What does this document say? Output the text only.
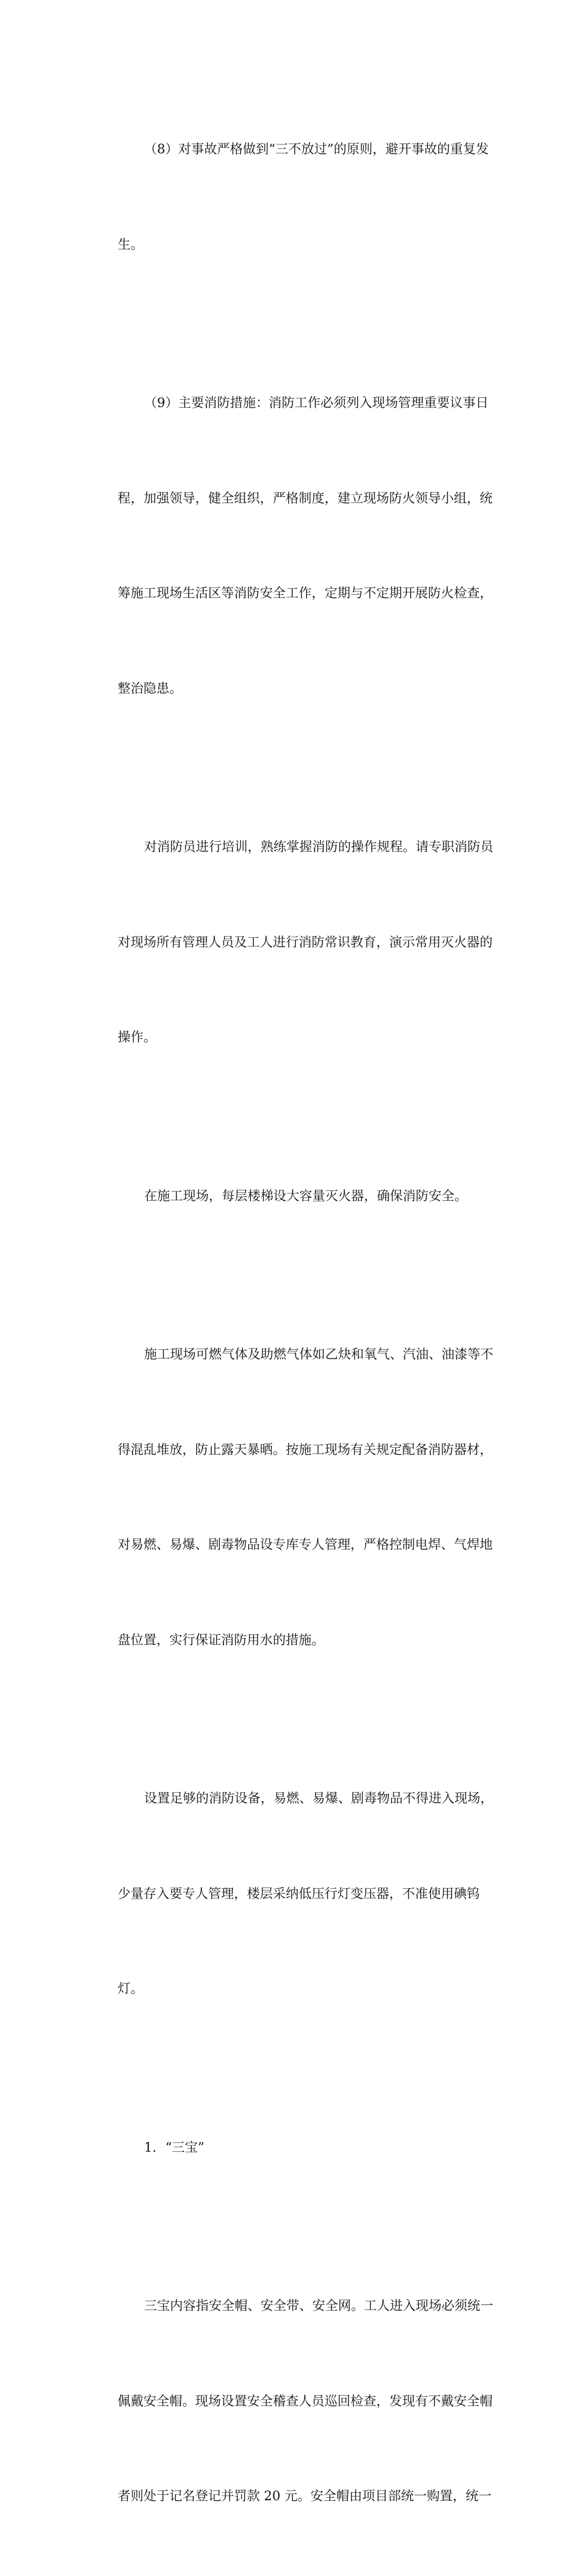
（8）对事故严格做到“三不放过”的原则，避开事故的重复发

生。

（9）主要消防措施：消防工作必须列入现场管理重要议事日

程，加强领导，健全组织，严格制度，建立现场防火领导小组，统

筹施工现场生活区等消防安全工作，定期与不定期开展防火检查，

整治隐患。

对消防员进行培训，熟练掌握消防的操作规程。请专职消防员

对现场所有管理人员及工人进行消防常识教育，演示常用灭火器的

操作。

在施工现场，每层楼梯设大容量灭火器，确保消防安全。

施工现场可燃气体及助燃气体如乙炔和氧气、汽油、油漆等不

得混乱堆放，防止露天暴晒。按施工现场有关规定配备消防器材，

对易燃、易爆、剧毒物品设专库专人管理，严格控制电焊、气焊地

盘位置，实行保证消防用水的措施。

设置足够的消防设备，易燃、易爆、剧毒物品不得进入现场，

少量存入要专人管理，楼层采纳低压行灯变压器，不准使用碘钨

灯。

1．“三宝”

三宝内容指安全帽、安全带、安全网。工人进入现场必须统一

佩戴安全帽。现场设置安全稽查人员巡回检查，发现有不戴安全帽

者则处于记名登记并罚款 20 元。安全帽由项目部统一购置，统一
